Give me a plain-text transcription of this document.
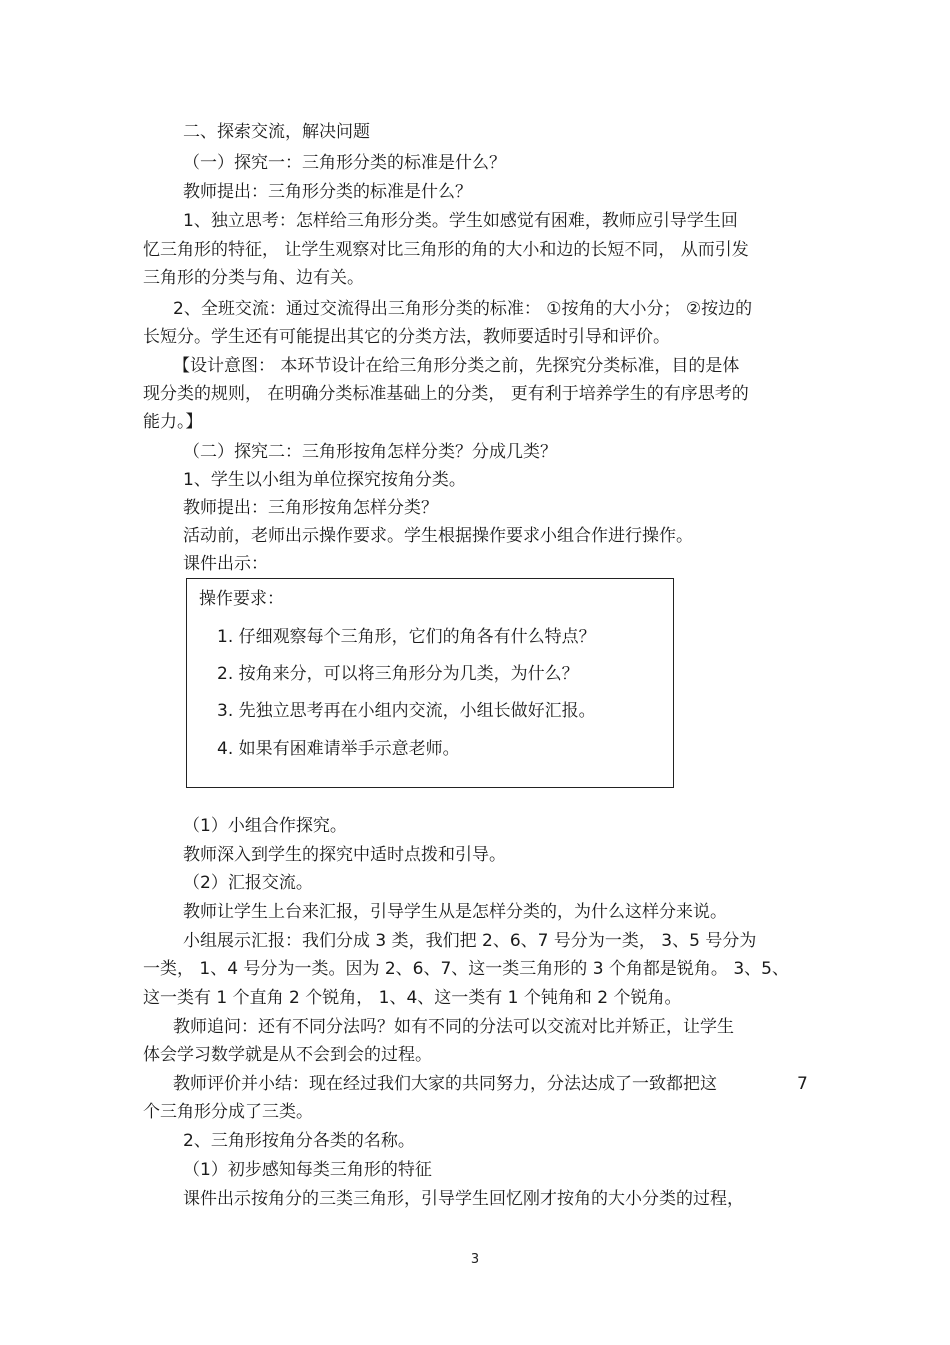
二、探索交流，解决问题
（一）探究一：三角形分类的标准是什么？
教师提出：三角形分类的标准是什么？
1、独立思考：怎样给三角形分类。学生如感觉有困难，教师应引导学生回
忆三角形的特征， 让学生观察对比三角形的角的大小和边的长短不同， 从而引发
三角形的分类与角、边有关。
2、全班交流：通过交流得出三角形分类的标准： ①按角的大小分； ②按边的
长短分。学生还有可能提出其它的分类方法，教师要适时引导和评价。
【设计意图： 本环节设计在给三角形分类之前，先探究分类标准，目的是体
现分类的规则， 在明确分类标准基础上的分类， 更有利于培养学生的有序思考的
能力。】
（二）探究二：三角形按角怎样分类？分成几类？
1、学生以小组为单位探究按角分类。
教师提出：三角形按角怎样分类？
活动前，老师出示操作要求。学生根据操作要求小组合作进行操作。
课件出示：
操作要求：
1. 仔细观察每个三角形，它们的角各有什么特点？
2. 按角来分，可以将三角形分为几类，为什么？
3. 先独立思考再在小组内交流，小组长做好汇报。
4. 如果有困难请举手示意老师。
（1）小组合作探究。
教师深入到学生的探究中适时点拨和引导。
（2）汇报交流。
教师让学生上台来汇报，引导学生从是怎样分类的，为什么这样分来说。
小组展示汇报：我们分成 3 类，我们把 2、6、7 号分为一类， 3、5 号分为
一类， 1、4 号分为一类。因为 2、6、7、这一类三角形的 3 个角都是锐角。 3、5、
这一类有 1 个直角 2 个锐角， 1、4、这一类有 1 个钝角和 2 个锐角。
教师追问：还有不同分法吗？如有不同的分法可以交流对比并矫正，让学生
体会学习数学就是从不会到会的过程。
教师评价并小结：现在经过我们大家的共同努力，分法达成了一致都把这	7
个三角形分成了三类。
2、三角形按角分各类的名称。
（1）初步感知每类三角形的特征
课件出示按角分的三类三角形，引导学生回忆刚才按角的大小分类的过程，
3
